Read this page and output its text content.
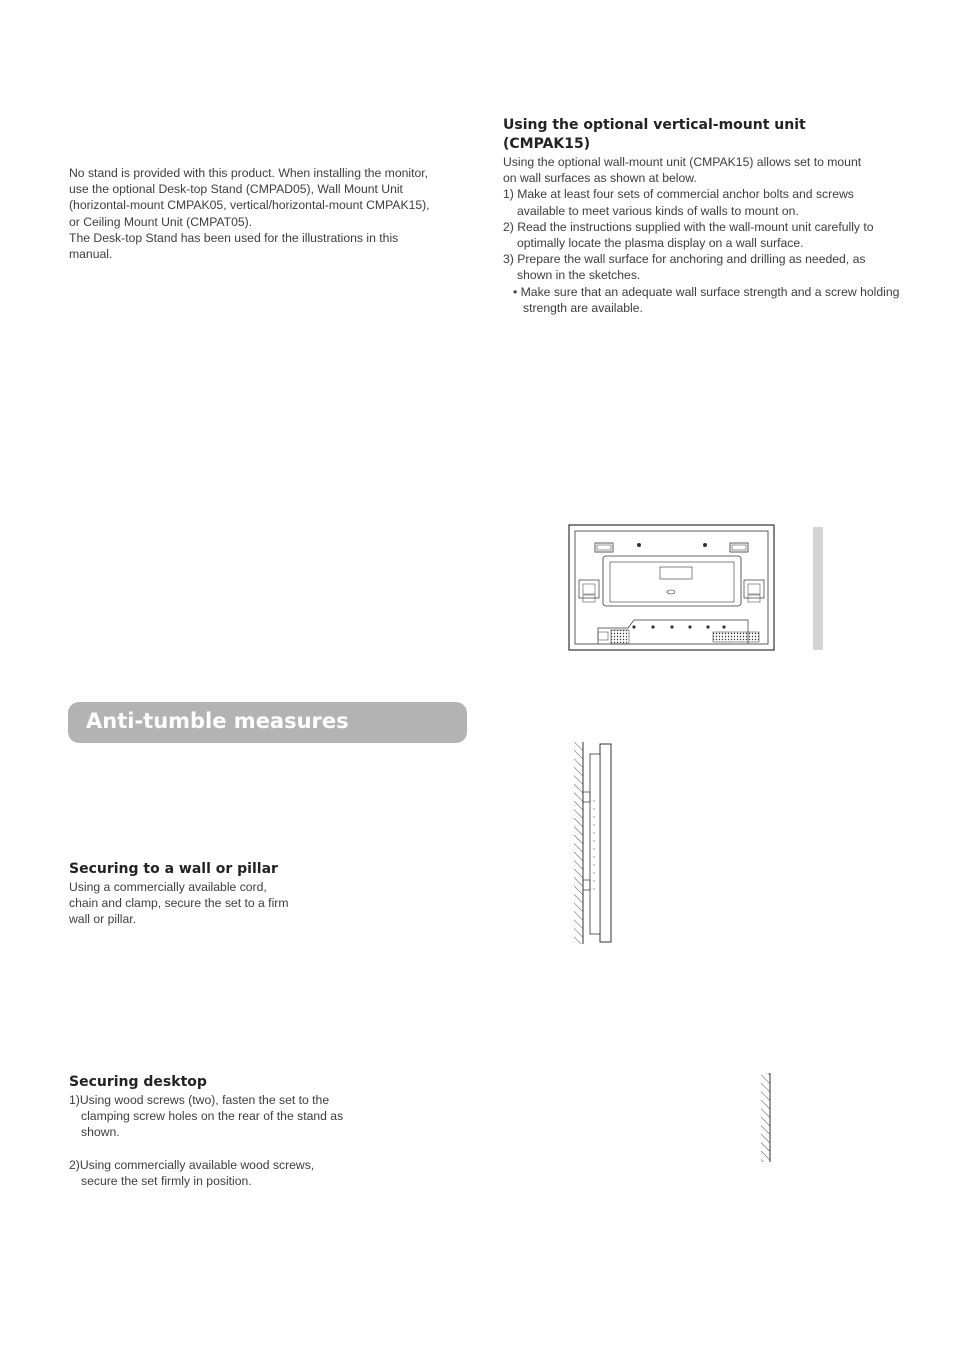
No stand is provided with this product. When installing the monitor,

use the optional Desk-top Stand (CMPAD05), Wall Mount Unit

(horizontal-mount CMPAK05, vertical/horizontal-mount CMPAK15),

or Ceiling Mount Unit (CMPAT05).

The Desk-top Stand has been used for the illustrations in this

manual.

Using the optional vertical-mount unit
(CMPAK15)

Using the optional wall-mount unit (CMPAK15) allows set to mount

on wall surfaces as shown at below.

1) Make at least four sets of commercial anchor bolts and screws available to meet various kinds of walls to mount on.

2) Read the instructions supplied with the wall-mount unit carefully to optimally locate the plasma display on a wall surface.

3) Prepare the wall surface for anchoring and drilling as needed, as shown in the sketches.

• Make sure that an adequate wall surface strength and a screw holding strength are available.

Anti-tumble measures
Securing to a wall or pillar

Using a commercially available cord,

chain and clamp, secure the set to a firm

wall or pillar.

Securing desktop

1)Using wood screws (two), fasten the set to the clamping screw holes on the rear of the stand as shown.

2)Using commercially available wood screws, secure the set firmly in position.
